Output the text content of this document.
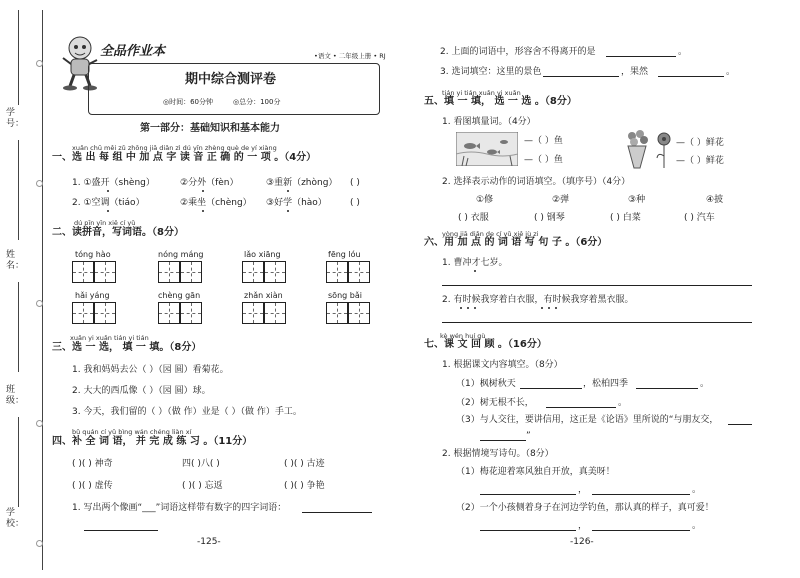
学号：
姓名：
班级：
学校：
全品作业本	•语文 • 二年级上册 • RJ
期中综合测评卷
◎时间：60分钟	◎总分：100分
第一部分：基础知识和基本能力
xuǎn chū měi zǔ zhōng jiā diǎn zì dú yīn zhèng què de yí xiàng
一、选 出 每 组 中 加 点 字 读 音 正 确 的 一 项 。（4分）
1. ①盛开（shèng）	②分外（fèn）	③重新（zhòng） ( )
2. ①空调（tiáo）	②乘坐（chèng） ③好学（hào）	( )
dú pīn yīn xiě cí yǔ
二、读拼音，写词语。（8分）
tóng hào	nóng máng	lǎo xiāng	fēng lóu
hǎi yáng	chèng gān	zhǎn xiàn	sōng bǎi
xuǎn yi xuǎn tián yi tián
三、选 一 选， 填 一 填。（8分）
1. 我和妈妈去公（ ）（园 圆）看菊花。
2. 大大的西瓜像（ ）（园 圆）球。
3. 今天，我们留的（ ）（做 作）业是（ ）（做 作）手工。
bǔ quán cí yǔ bìng wán chéng liàn xí
四、补 全 词 语， 并 完 成 练 习 。（11分）
( )( ) 神奇	四( )八( )	( )( ) 古迹
( )( ) 虚传	( )( ) 忘返	( )( ) 争艳
1. 写出两个像画“___”词语这样带有数字的四字词语：
-125-
2. 上面的词语中，形容舍不得离开的是	。
3. 选词填空：这里的景色	，果然	。
tián yi tián xuǎn yi xuǎn
五、填 一 填， 选 一 选 。（8分）
1. 看图填量词。（4分）
—（ ）鱼
—（ ）鱼
—（ ）鲜花
—（ ）鲜花
2. 选择表示动作的词语填空。（填序号）（4分）
①修	②弹	③种	④披
( ) 衣服	( ) 钢琴	( ) 白菜	( ) 汽车
yòng jiā diǎn de cí yǔ xiě jù zi
六、用 加 点 的 词 语 写 句 子 。（6分）
1. 曹冲才七岁。
2. 有时候我穿着白衣服，有时候我穿着黑衣服。
kè wén huí gù
七、课 文 回 顾 。（16分）
1. 根据课文内容填空。（8分）
（1）枫树秋天	，松柏四季	。
（2）树无根不长，	。
（3）与人交往，要讲信用，这正是《论语》里所说的“与朋友交，
”
2. 根据情境写诗句。（8分）
（1）梅花迎着寒风独自开放，真美呀！
，	。
（2）一个小孩侧着身子在河边学钓鱼，那认真的样子，真可爱！
，	。
-126-
